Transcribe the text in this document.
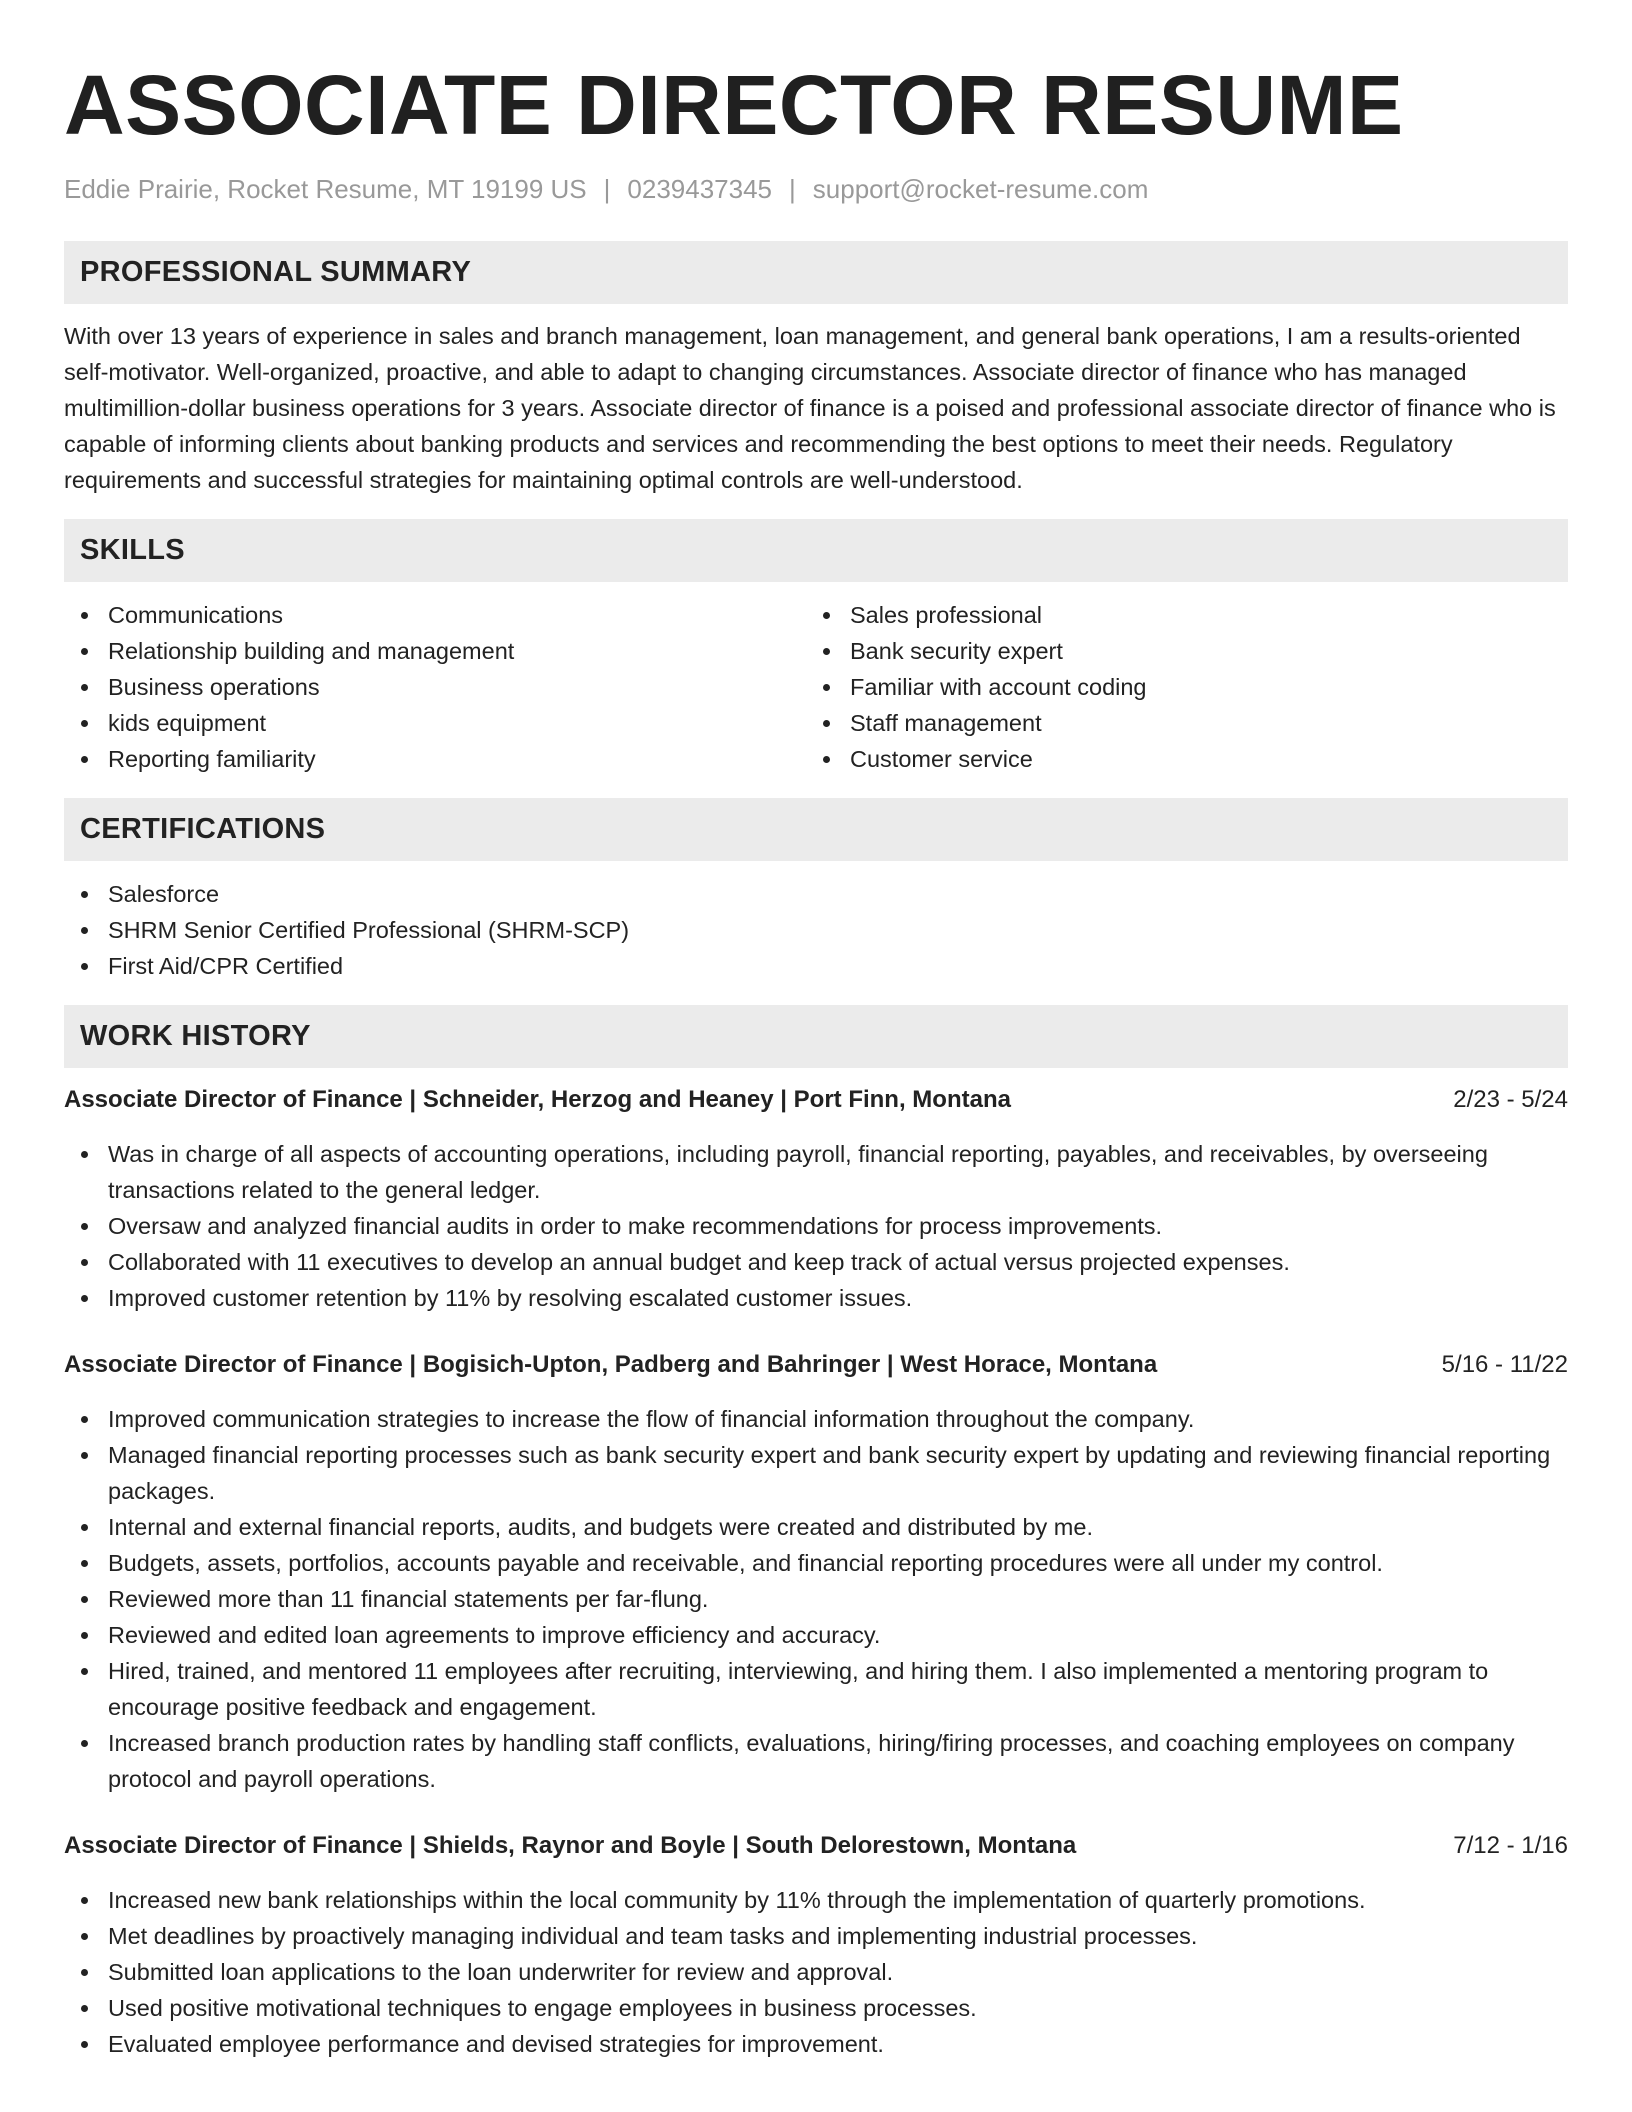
ASSOCIATE DIRECTOR RESUME
Eddie Prairie, Rocket Resume, MT 19199 US | 0239437345 | support@rocket-resume.com
PROFESSIONAL SUMMARY

With over 13 years of experience in sales and branch management, loan management, and general bank operations, I am a results-oriented self-motivator. Well-organized, proactive, and able to adapt to changing circumstances. Associate director of finance who has managed multimillion-dollar business operations for 3 years. Associate director of finance is a poised and professional associate director of finance who is capable of informing clients about banking products and services and recommending the best options to meet their needs. Regulatory requirements and successful strategies for maintaining optimal controls are well-understood.

SKILLS
Communications
Relationship building and management
Business operations
kids equipment
Reporting familiarity
Sales professional
Bank security expert
Familiar with account coding
Staff management
Customer service
CERTIFICATIONS
Salesforce
SHRM Senior Certified Professional (SHRM-SCP)
First Aid/CPR Certified
WORK HISTORY
Associate Director of Finance | Schneider, Herzog and Heaney | Port Finn, Montana	2/23 - 5/24
Was in charge of all aspects of accounting operations, including payroll, financial reporting, payables, and receivables, by overseeing transactions related to the general ledger.
Oversaw and analyzed financial audits in order to make recommendations for process improvements.
Collaborated with 11 executives to develop an annual budget and keep track of actual versus projected expenses.
Improved customer retention by 11% by resolving escalated customer issues.
Associate Director of Finance | Bogisich-Upton, Padberg and Bahringer | West Horace, Montana	5/16 - 11/22
Improved communication strategies to increase the flow of financial information throughout the company.
Managed financial reporting processes such as bank security expert and bank security expert by updating and reviewing financial reporting packages.
Internal and external financial reports, audits, and budgets were created and distributed by me.
Budgets, assets, portfolios, accounts payable and receivable, and financial reporting procedures were all under my control.
Reviewed more than 11 financial statements per far-flung.
Reviewed and edited loan agreements to improve efficiency and accuracy.
Hired, trained, and mentored 11 employees after recruiting, interviewing, and hiring them. I also implemented a mentoring program to encourage positive feedback and engagement.
Increased branch production rates by handling staff conflicts, evaluations, hiring/firing processes, and coaching employees on company protocol and payroll operations.
Associate Director of Finance | Shields, Raynor and Boyle | South Delorestown, Montana	7/12 - 1/16
Increased new bank relationships within the local community by 11% through the implementation of quarterly promotions.
Met deadlines by proactively managing individual and team tasks and implementing industrial processes.
Submitted loan applications to the loan underwriter for review and approval.
Used positive motivational techniques to engage employees in business processes.
Evaluated employee performance and devised strategies for improvement.
